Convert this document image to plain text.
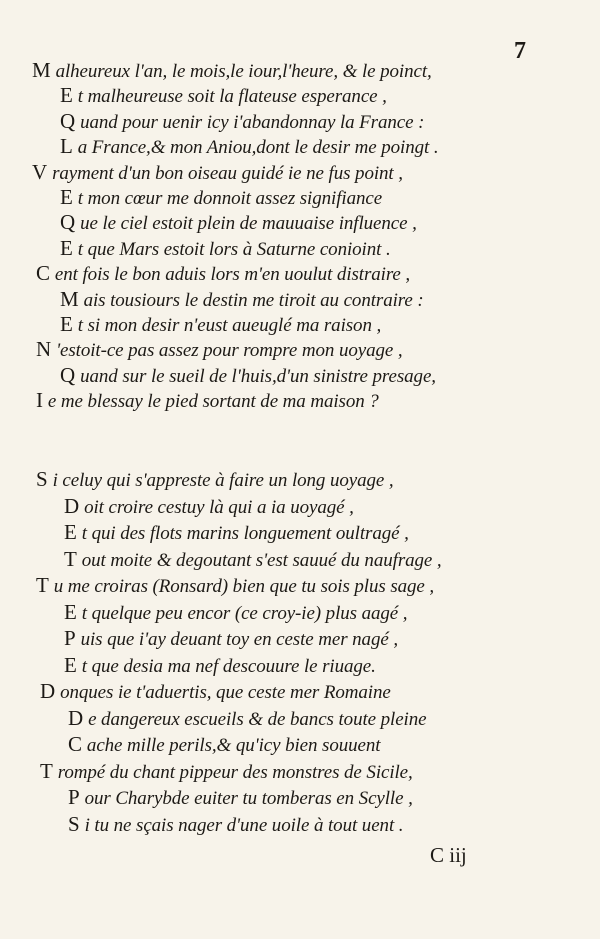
7
M alheureux l'an, le mois,le iour,l'heure, & le poinct,
E t malheureuse soit la flateuse esperance ,
Q uand pour uenir icy i'abandonnay la France :
L a France,& mon Aniou,dont le desir me poingt .
V rayment d'un bon oiseau guidé ie ne fus point ,
E t mon cœur me donnoit assez signifiance
Q ue le ciel estoit plein de mauuaise influence ,
E t que Mars estoit lors à Saturne conioint .
C ent fois le bon aduis lors m'en uoulut distraire ,
M ais tousiours le destin me tiroit au contraire :
E t si mon desir n'eust aueuglé ma raison ,
N 'estoit-ce pas assez pour rompre mon uoyage ,
Q uand sur le sueil de l'huis,d'un sinistre presage,
I e me blessay le pied sortant de ma maison ?
S i celuy qui s'appreste à faire un long uoyage ,
D oit croire cestuy là qui a ia uoyagé ,
E t qui des flots marins longuement oultragé ,
T out moite & degoutant s'est sauué du naufrage ,
T u me croiras (Ronsard) bien que tu sois plus sage ,
E t quelque peu encor (ce croy-ie) plus aagé ,
P uis que i'ay deuant toy en ceste mer nagé ,
E t que desia ma nef descouure le riuage.
D onques ie t'aduertis, que ceste mer Romaine
D e dangereux escueils & de bancs toute pleine
C ache mille perils,& qu'icy bien souuent
T rompé du chant pippeur des monstres de Sicile,
P our Charybde euiter tu tomberas en Scylle ,
S i tu ne sçais nager d'une uoile à tout uent .
C iij
